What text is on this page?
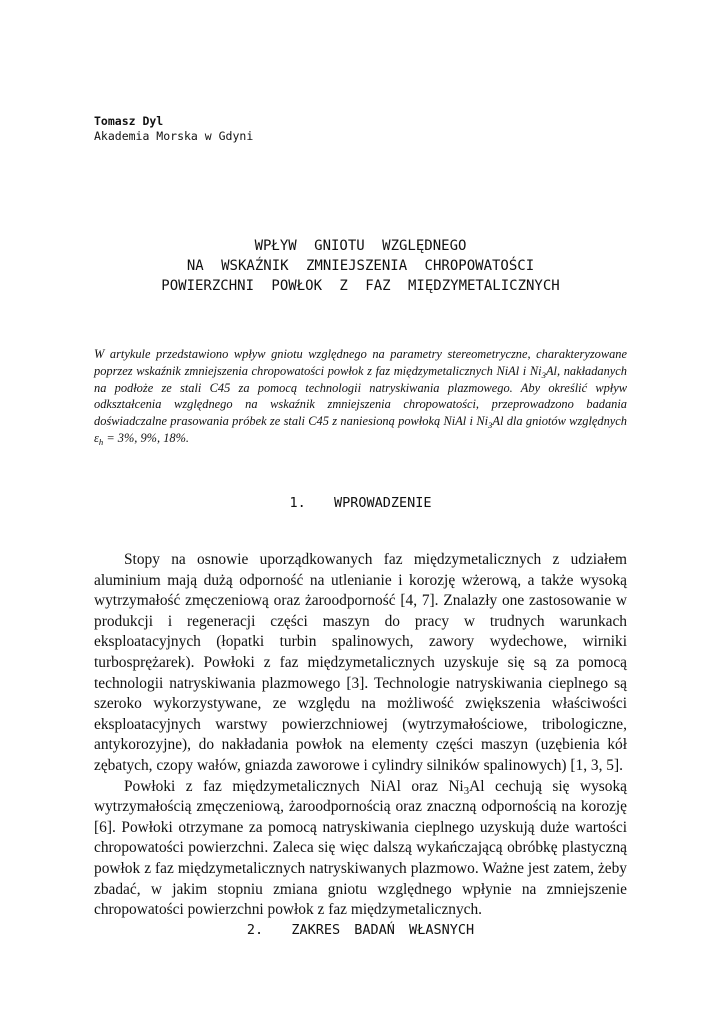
Tomasz Dyl
Akademia Morska w Gdyni
WPŁYW GNIOTU WZGLĘDNEGO
NA WSKAŹNIK ZMNIEJSZENIA CHROPOWATOŚCI
POWIERZCHNI POWŁOK Z FAZ MIĘDZYMETALICZNYCH

W artykule przedstawiono wpływ gniotu względnego na parametry stereometryczne, charakteryzowane poprzez wskaźnik zmniejszenia chropowatości powłok z faz międzymetalicznych NiAl i $Ni_3Al$, nakładanych na podłoże ze stali C45 za pomocą technologii natryskiwania plazmowego. Aby określić wpływ odkształcenia względnego na wskaźnik zmniejszenia chropowatości, przeprowadzono badania doświadczalne prasowania próbek ze stali C45 z naniesioną powłoką NiAl i $Ni_3Al$ dla gniotów względnych $\varepsilon_h = 3\%$, 9%, 18%.

1.  WPROWADZENIE

Stopy na osnowie uporządkowanych faz międzymetalicznych z udziałem aluminium mają dużą odporność na utlenianie i korozję wżerową, a także wysoką wytrzymałość zmęczeniową oraz żaroodporność [4, 7]. Znalazły one zastosowanie w produkcji i regeneracji części maszyn do pracy w trudnych warunkach eksploatacyjnych (łopatki turbin spalinowych, zawory wydechowe, wirniki turbosprężarek). Powłoki z faz międzymetalicznych uzyskuje się są za pomocą technologii natryskiwania plazmowego [3]. Technologie natryskiwania cieplnego są szeroko wykorzystywane, ze względu na możliwość zwiększenia właściwości eksploatacyjnych warstwy powierzchniowej (wytrzymałościowe, tribologiczne, antykorozyjne), do nakładania powłok na elementy części maszyn (uzębienia kół zębatych, czopy wałów, gniazda zaworowe i cylindry silników spalinowych) [1, 3, 5].

Powłoki z faz międzymetalicznych NiAl oraz $Ni_3Al$ cechują się wysoką wytrzymałością zmęczeniową, żaroodpornością oraz znaczną odpornością na korozję [6]. Powłoki otrzymane za pomocą natryskiwania cieplnego uzyskują duże wartości chropowatości powierzchni. Zaleca się więc dalszą wykańczającą obróbkę plastyczną powłok z faz międzymetalicznych natryskiwanych plazmowo. Ważne jest zatem, żeby zbadać, w jakim stopniu zmiana gniotu względnego wpłynie na zmniejszenie chropowatości powierzchni powłok z faz międzymetalicznych.

2.  ZAKRES BADAŃ WŁASNYCH
